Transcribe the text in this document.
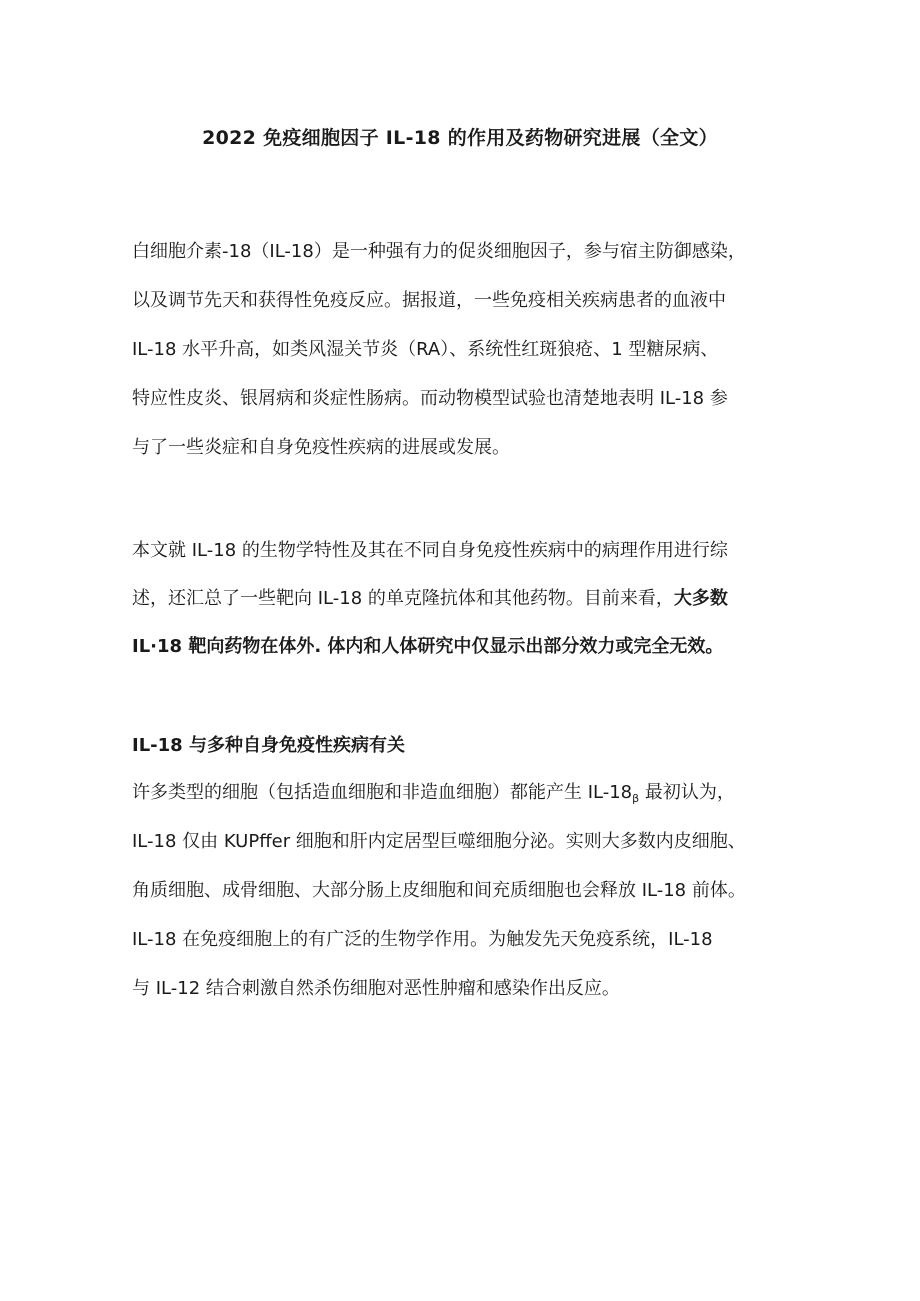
2022 免疫细胞因子 IL-18 的作用及药物研究进展（全文）
白细胞介素-18（IL-18）是一种强有力的促炎细胞因子，参与宿主防御感染，
以及调节先天和获得性免疫反应。据报道，一些免疫相关疾病患者的血液中
IL-18 水平升高，如类风湿关节炎（RA）、系统性红斑狼疮、1 型糖尿病、
特应性皮炎、银屑病和炎症性肠病。而动物模型试验也清楚地表明 IL-18 参
与了一些炎症和自身免疫性疾病的进展或发展。
本文就 IL-18 的生物学特性及其在不同自身免疫性疾病中的病理作用进行综
述，还汇总了一些靶向 IL-18 的单克隆抗体和其他药物。目前来看，大多数
IL·18 靶向药物在体外. 体内和人体研究中仅显示出部分效力或完全无效。
IL-18 与多种自身免疫性疾病有关
许多类型的细胞（包括造血细胞和非造血细胞）都能产生 $IL-18_\beta$ 最初认为，
IL-18 仅由 KUPffer 细胞和肝内定居型巨噬细胞分泌。实则大多数内皮细胞、
角质细胞、成骨细胞、大部分肠上皮细胞和间充质细胞也会释放 IL-18 前体。
IL-18 在免疫细胞上的有广泛的生物学作用。为触发先天免疫系统，IL-18
与 IL-12 结合刺激自然杀伤细胞对恶性肿瘤和感染作出反应。
